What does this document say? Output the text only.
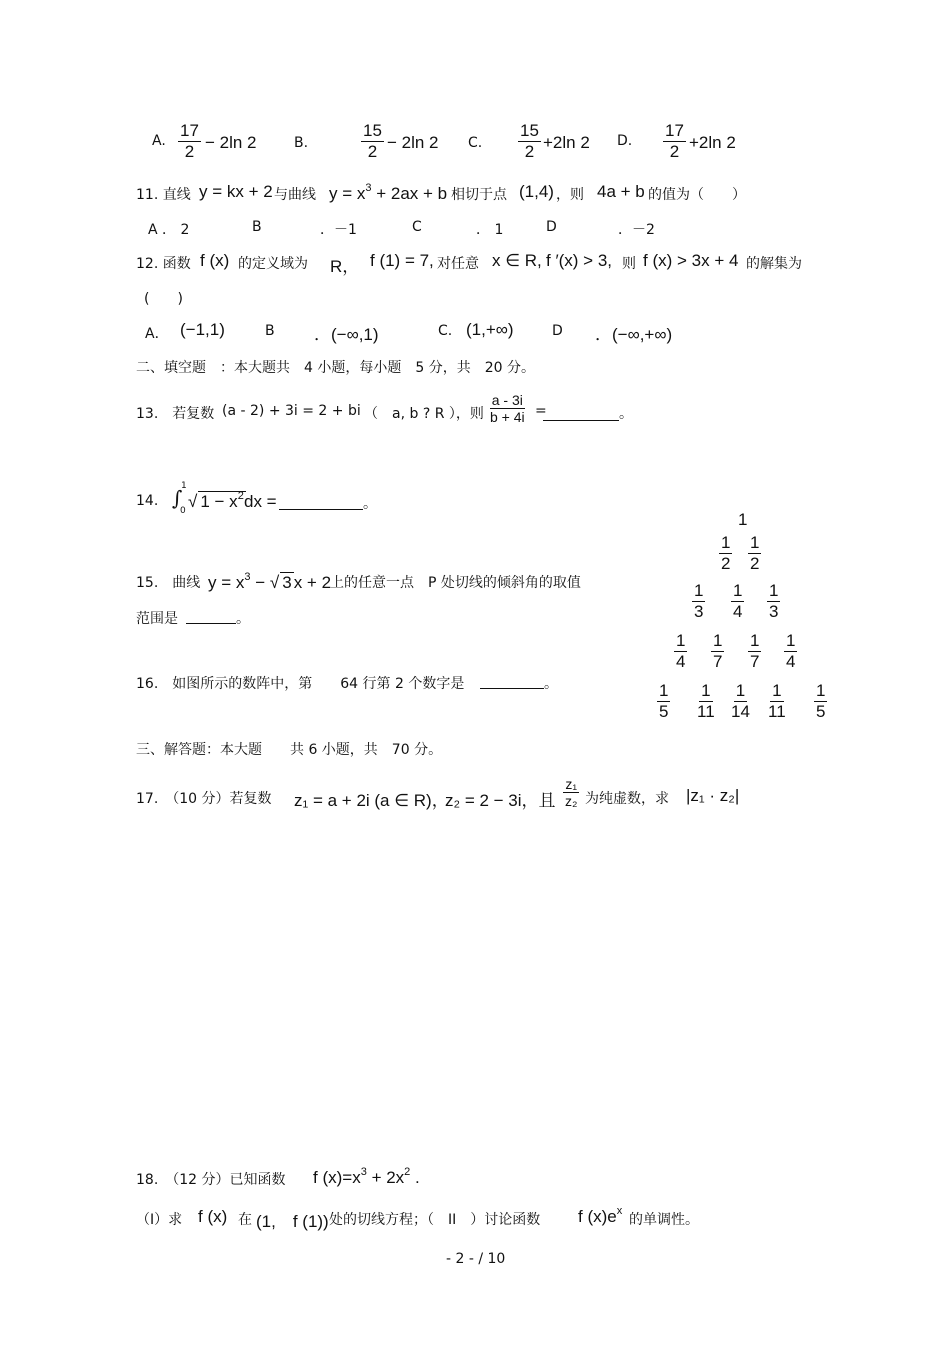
A. $\frac{17}{2} - 2\ln$ 2	B.	$\frac{15}{2} - 2\ln$ 2 C. $\frac{15}{2} +2\ln$ 2 D. $\frac{17}{2} +2\ln$ 2
11. 直线 y = kx + 2 与曲线 $y = x^3 + 2ax + b$ 相切于点 (1,4) ，则 4a + b 的值为（　　）
A ． 2	B	．－1	C	． 1	D	．－2
12. 函数 f (x) 的定义域为 R， f (1) = 7, 对任意 x ∈ R, f ′(x) > 3, 则 f (x) > 3x + 4 的解集为
(　　)
A． (−1,1)	B ．(−∞,1)	C. (1,+∞)	D ．(−∞,+∞)
二、填空题　：本大题共　4 小题，每小题　5 分，共　20 分。
13.　若复数 (a - 2) + 3i = 2 + bi （　a, b ? R ），则 $\frac{a - 3i}{b + 4i}$ =	。
14. ∫
1
0 √ $1 - x^2$ dx =	。
15.　曲线 $y = x^3$ − √ 3 x + 2
上的任意一点　P 处切线的倾斜角的取值
范围是	。
16.　如图所示的数阵中，第　　64 行第 2 个数字是	。
1
$\frac{1}{2} \frac{1}{2}$
$\frac{1}{3} \frac{1}{4} \frac{1}{3}$
$\frac{1}{4} \frac{1}{7} \frac{1}{7} \frac{1}{4}$
$\frac{1}{5} \frac{1}{11} \frac{1}{14} \frac{1}{11} \frac{1}{5}$
三、解答题：本大题　　共 6 小题，共　70 分。
17.　（10 分）若复数 z₁ = a + 2i (a ∈ R)，
z₂ = 2 − 3i，且 $\frac{\text{z₁}}{\text{z₂}}$ 为纯虚数，求 |z₁ · z₂|
18.　（12 分）已知函数 f $(x)=x^3 + 2x^2$ .
（I）求 f (x) 在 (1,　f (1)) 处的切线方程；（　II　）讨论函数 f $(x)e^x$
的单调性。
- 2 - / 10
